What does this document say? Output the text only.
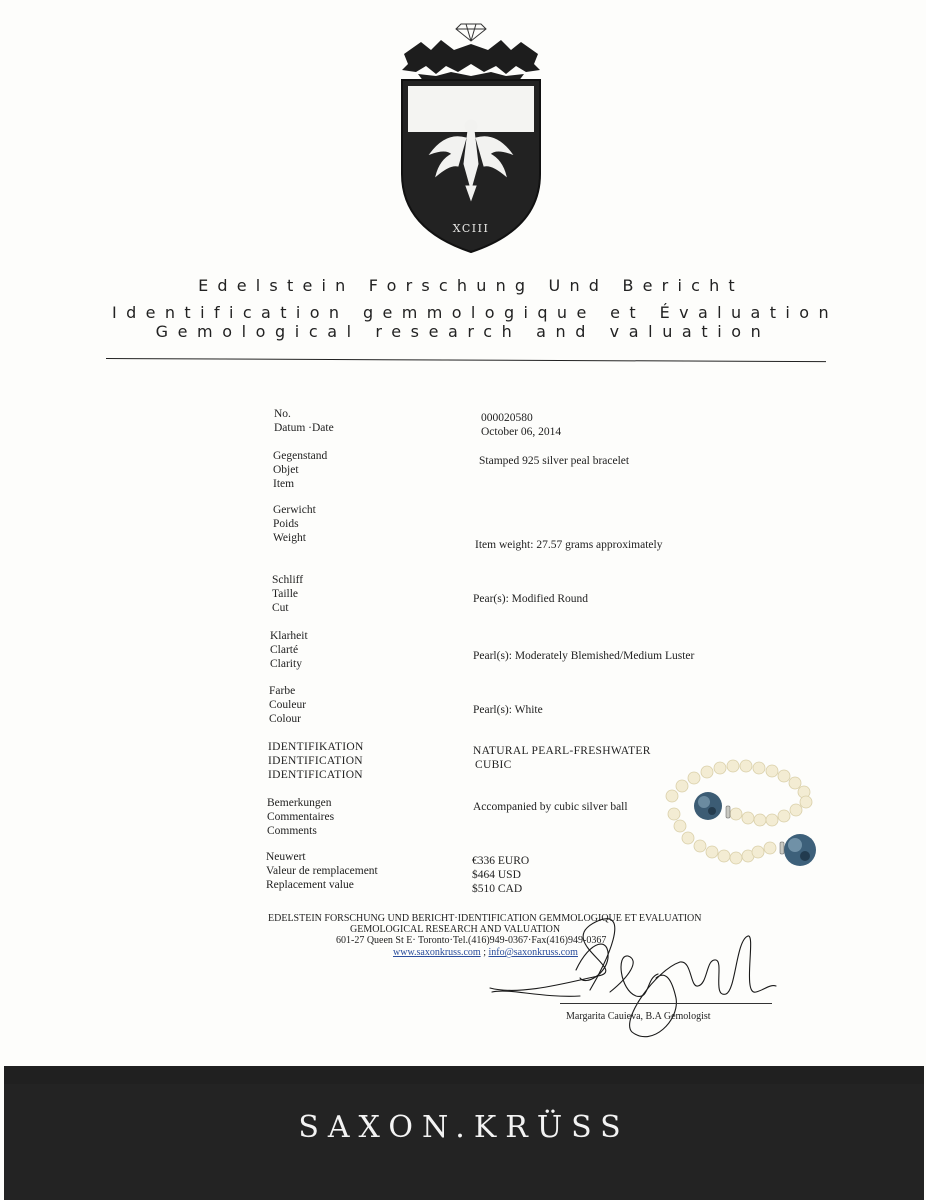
XCIII
Edelstein Forschung Und Bericht
Identification gemmologique et Évaluation
Gemological research and valuation
No.
Datum ·Date
000020580
October 06, 2014
Gegenstand
Objet
Item
Stamped 925 silver peal bracelet
Gerwicht
Poids
Weight
Item weight: 27.57 grams approximately
Schliff
Taille
Cut
Pear(s): Modified Round
Klarheit
Clarté
Clarity
Pearl(s): Moderately Blemished/Medium Luster
Farbe
Couleur
Colour
Pearl(s): White
IDENTIFIKATION
IDENTIFICATION
IDENTIFICATION
NATURAL PEARL-FRESHWATER
CUBIC
Bemerkungen
Commentaires
Comments
Accompanied by cubic silver ball
Neuwert
Valeur de remplacement
Replacement value
€336 EURO
$464 USD
$510 CAD
EDELSTEIN FORSCHUNG UND BERICHT·IDENTIFICATION GEMMOLOGIQUE ET EVALUATION
GEMOLOGICAL RESEARCH AND VALUATION
601-27 Queen St E· Toronto·Tel.(416)949-0367·Fax(416)949-0367
www.saxonkruss.com ; info@saxonkruss.com
Margarita Cauieva, B.A Gemologist
SAXON.KRÜSS
